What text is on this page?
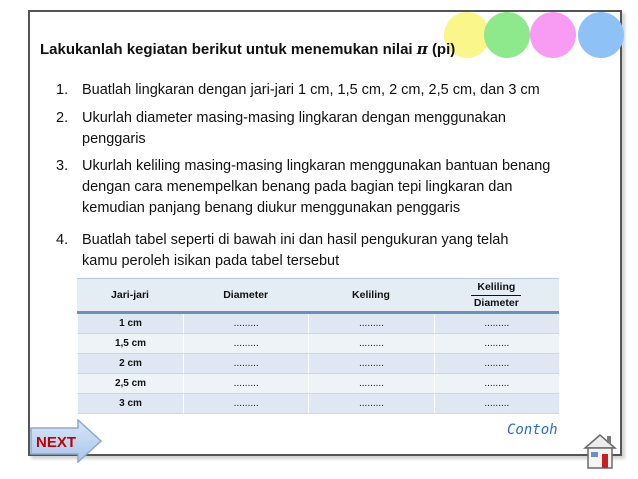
Lakukanlah kegiatan berikut untuk menemukan nilai π (pi)
1. Buatlah lingkaran dengan jari-jari 1 cm, 1,5 cm, 2 cm, 2,5 cm, dan 3 cm
2. Ukurlah diameter masing-masing lingkaran dengan menggunakan
penggaris
3. Ukurlah keliling masing-masing lingkaran menggunakan bantuan benang
dengan cara menempelkan benang pada bagian tepi lingkaran dan
kemudian panjang benang diukur menggunakan penggaris
4. Buatlah tabel seperti di bawah ini dan hasil pengukuran yang telah
kamu peroleh isikan pada tabel tersebut
Jari-jari	Diameter	Keliling	$\frac{\text{Keliling}}{\text{Diameter}}$

1 cm	.........	.........	.........
1,5 cm	.........	.........	.........
2 cm	.........	.........	.........
2,5 cm	.........	.........	.........
3 cm	.........	.........	.........
Contoh
NEXT
